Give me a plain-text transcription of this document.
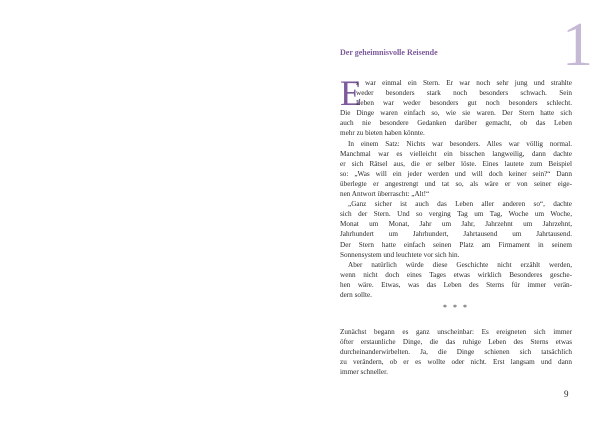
1
Der geheimnisvolle Reisende
E
s war einmal ein Stern. Er war noch sehr jung und strahlte
weder besonders stark noch besonders schwach. Sein
Leben war weder besonders gut noch besonders schlecht.
Die Dinge waren einfach so, wie sie waren. Der Stern hatte sich
auch nie besondere Gedanken darüber gemacht, ob das Leben
mehr zu bieten haben könnte.
In einem Satz: Nichts war besonders. Alles war völlig normal.
Manchmal war es vielleicht ein bisschen langweilig, dann dachte
er sich Rätsel aus, die er selber löste. Eines lautete zum Beispiel
so: „Was will ein jeder werden und will doch keiner sein?“ Dann
überlegte er angestrengt und tat so, als wäre er von seiner eige-
nen Antwort überrascht: „Alt!“
„Ganz sicher ist auch das Leben aller anderen so“, dachte
sich der Stern. Und so verging Tag um Tag, Woche um Woche,
Monat um Monat, Jahr um Jahr, Jahrzehnt um Jahrzehnt,
Jahrhundert um Jahrhundert, Jahrtausend um Jahrtausend.
Der Stern hatte einfach seinen Platz am Firmament in seinem
Sonnensystem und leuchtete vor sich hin.
Aber natürlich würde diese Geschichte nicht erzählt werden,
wenn nicht doch eines Tages etwas wirklich Besonderes gesche-
hen wäre. Etwas, was das Leben des Sterns für immer verän-
dern sollte.
* * *
Zunächst begann es ganz unscheinbar: Es ereigneten sich immer
öfter erstaunliche Dinge, die das ruhige Leben des Sterns etwas
durcheinanderwirbelten. Ja, die Dinge schienen sich tatsächlich
zu verändern, ob er es wollte oder nicht. Erst langsam und dann
immer schneller.
9
